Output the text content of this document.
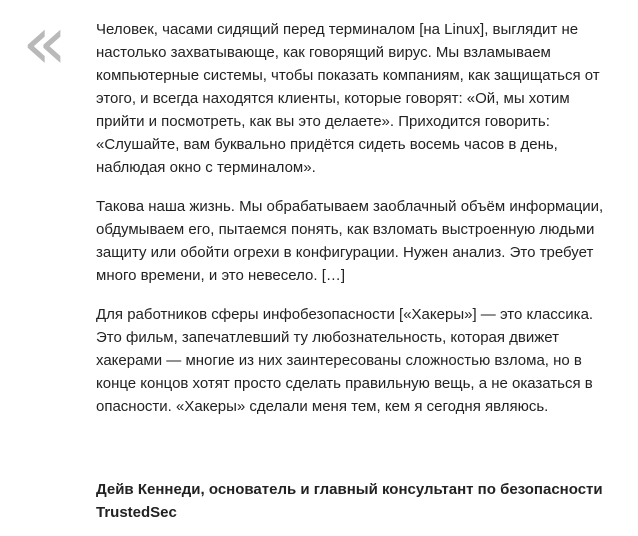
« Человек, часами сидящий перед терминалом [на Linux], выглядит не настолько захватывающе, как говорящий вирус. Мы взламываем компьютерные системы, чтобы показать компаниям, как защищаться от этого, и всегда находятся клиенты, которые говорят: «Ой, мы хотим прийти и посмотреть, как вы это делаете». Приходится говорить: «Слушайте, вам буквально придётся сидеть восемь часов в день, наблюдая окно с терминалом».

Такова наша жизнь. Мы обрабатываем заоблачный объём информации, обдумываем его, пытаемся понять, как взломать выстроенную людьми защиту или обойти огрехи в конфигурации. Нужен анализ. Это требует много времени, и это невесело. […]

Для работников сферы инфобезопасности [«Хакеры»] — это классика. Это фильм, запечатлевший ту любознательность, которая движет хакерами — многие из них заинтересованы сложностью взлома, но в конце концов хотят просто сделать правильную вещь, а не оказаться в опасности. «Хакеры» сделали меня тем, кем я сегодня являюсь.

Дейв Кеннеди, основатель и главный консультант по безопасности TrustedSec
